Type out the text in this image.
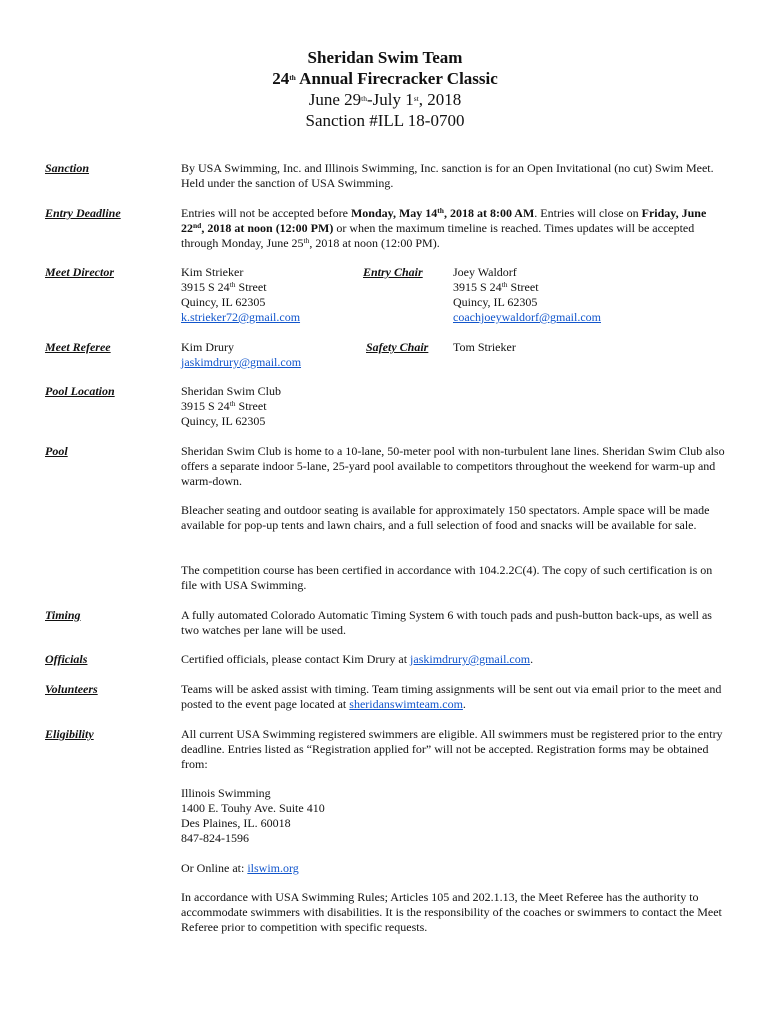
Sheridan Swim Team
24th Annual Firecracker Classic
June 29th-July 1st, 2018
Sanction #ILL 18-0700
Sanction	By USA Swimming, Inc. and Illinois Swimming, Inc. sanction is for an Open Invitational (no cut) Swim Meet. Held under the sanction of USA Swimming.
Entry Deadline	Entries will not be accepted before Monday, May 14th, 2018 at 8:00 AM. Entries will close on Friday, June 22nd, 2018 at noon (12:00 PM) or when the maximum timeline is reached. Times updates will be accepted through Monday, June 25th, 2018 at noon (12:00 PM).
Meet Director	Kim Strieker
3915 S 24th Street
Quincy, IL 62305
k.strieker72@gmail.com
Entry Chair	Joey Waldorf
3915 S 24th Street
Quincy, IL 62305
coachjoeywaldorf@gmail.com
Meet Referee	Kim Drury
jaskimdrury@gmail.com
Safety Chair Tom Strieker
Pool Location	Sheridan Swim Club
3915 S 24th Street
Quincy, IL 62305
Pool	Sheridan Swim Club is home to a 10-lane, 50-meter pool with non-turbulent lane lines. Sheridan Swim Club also offers a separate indoor 5-lane, 25-yard pool available to competitors throughout the weekend for warm-up and warm-down.
Bleacher seating and outdoor seating is available for approximately 150 spectators. Ample space will be made available for pop-up tents and lawn chairs, and a full selection of food and snacks will be available for sale.
The competition course has been certified in accordance with 104.2.2C(4). The copy of such certification is on file with USA Swimming.
Timing	A fully automated Colorado Automatic Timing System 6 with touch pads and push-button back-ups, as well as two watches per lane will be used.
Officials	Certified officials, please contact Kim Drury at jaskimdrury@gmail.com.
Volunteers	Teams will be asked assist with timing. Team timing assignments will be sent out via email prior to the meet and posted to the event page located at sheridanswimteam.com.
Eligibility	All current USA Swimming registered swimmers are eligible. All swimmers must be registered prior to the entry deadline. Entries listed as “Registration applied for” will not be accepted. Registration forms may be obtained from:
Illinois Swimming
1400 E. Touhy Ave. Suite 410
Des Plaines, IL. 60018
847-824-1596
Or Online at: ilswim.org
In accordance with USA Swimming Rules; Articles 105 and 202.1.13, the Meet Referee has the authority to accommodate swimmers with disabilities. It is the responsibility of the coaches or swimmers to contact the Meet Referee prior to competition with specific requests.
